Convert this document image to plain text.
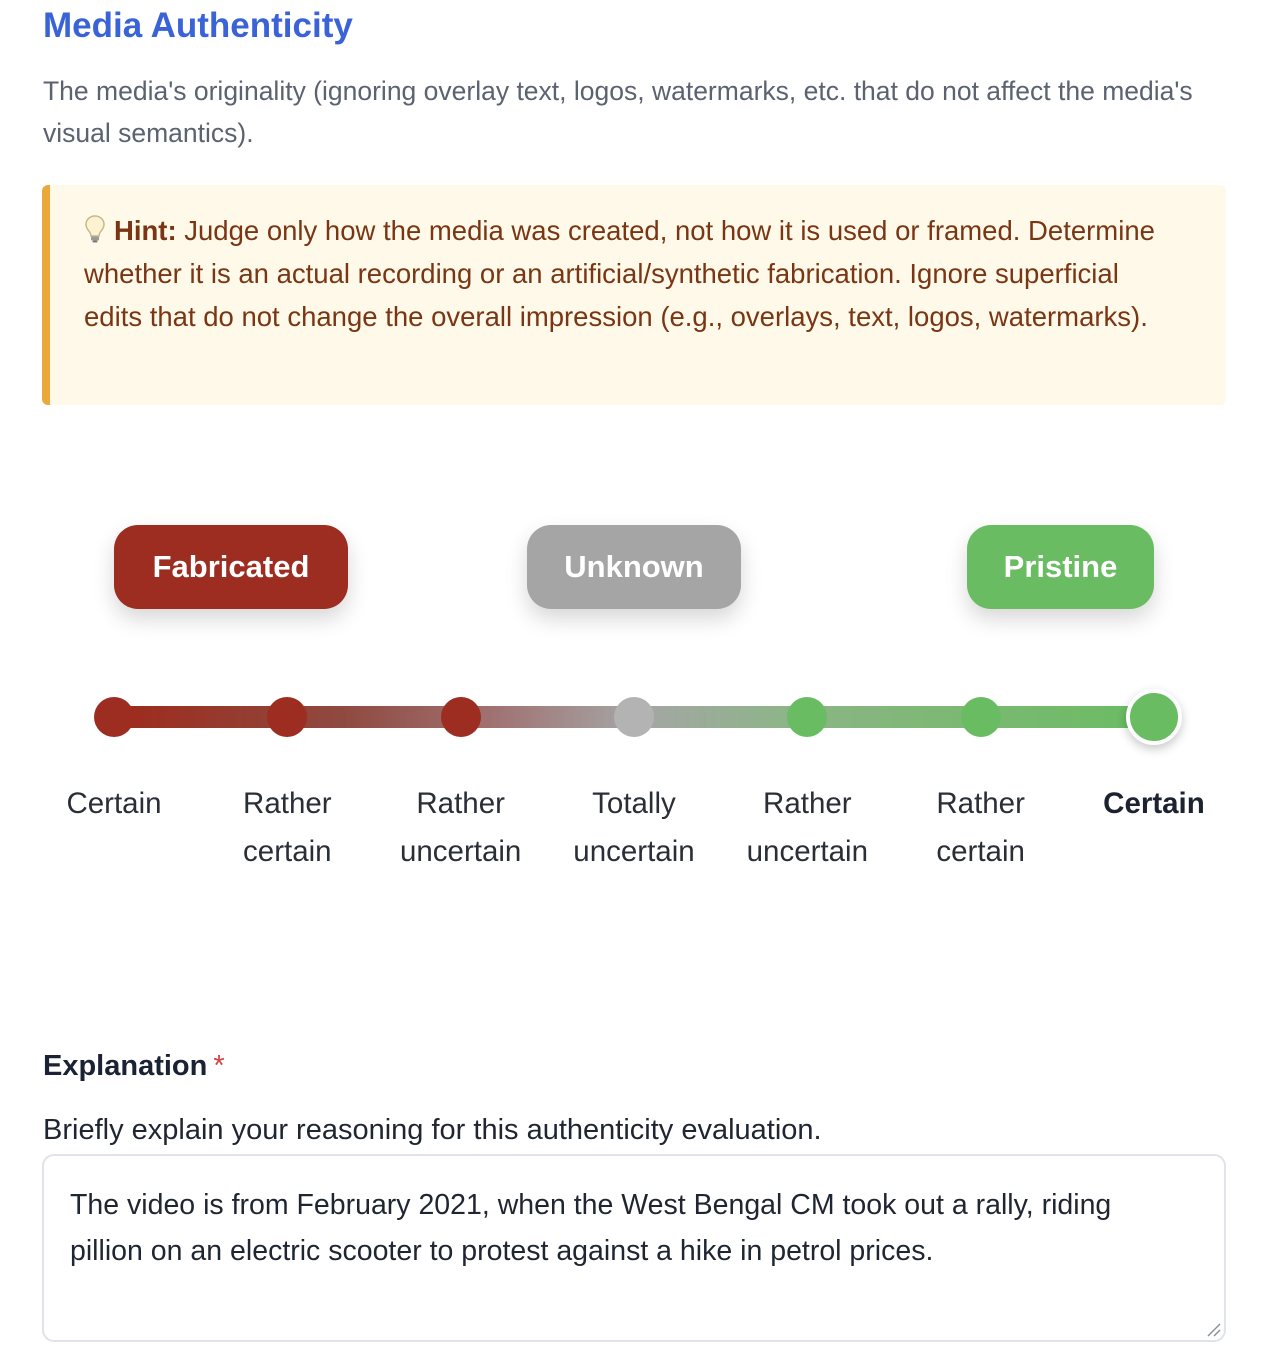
Media Authenticity

The media's originality (ignoring overlay text, logos, watermarks, etc. that do not affect the media's visual semantics).

Hint: Judge only how the media was created, not how it is used or framed. Determine whether it is an actual recording or an artificial/synthetic fabrication. Ignore superficial edits that do not change the overall impression (e.g., overlays, text, logos, watermarks).
Fabricated	Unknown	Pristine
Certain	Rather
certain
Rather
uncertain
Totally
uncertain
Rather
uncertain
Rather
certain
Certain

Explanation *
Briefly explain your reasoning for this authenticity evaluation.
The video is from February 2021, when the West Bengal CM took out a rally, riding pillion on an electric scooter to protest against a hike in petrol prices.
